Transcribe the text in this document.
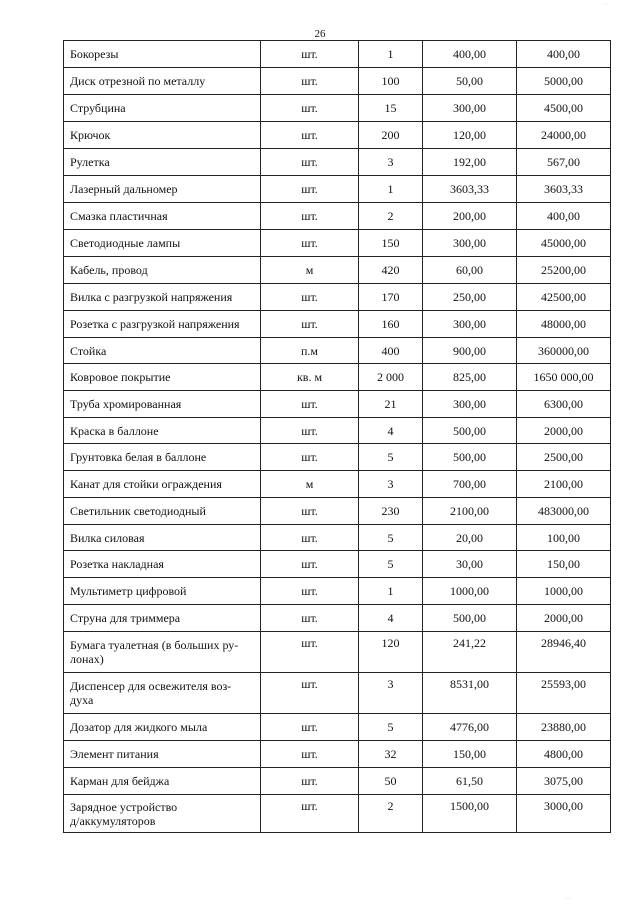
26
· ·
· ·
Бокорезы	шт.	1	400,00	400,00
Диск отрезной по металлу	шт.	100	50,00	5000,00
Струбцина	шт.	15	300,00	4500,00
Крючок	шт.	200	120,00	24000,00
Рулетка	шт.	3	192,00	567,00
Лазерный дальномер	шт.	1	3603,33	3603,33
Смазка пластичная	шт.	2	200,00	400,00
Светодиодные лампы	шт.	150	300,00	45000,00
Кабель, провод	м	420	60,00	25200,00
Вилка с разгрузкой напряжения	шт.	170	250,00	42500,00
Розетка с разгрузкой напряжения	шт.	160	300,00	48000,00
Стойка	п.м	400	900,00	360000,00
Ковровое покрытие	кв. м	2 000	825,00	1650 000,00
Труба хромированная	шт.	21	300,00	6300,00
Краска в баллоне	шт.	4	500,00	2000,00
Грунтовка белая в баллоне	шт.	5	500,00	2500,00
Канат для стойки ограждения	м	3	700,00	2100,00
Светильник светодиодный	шт.	230	2100,00	483000,00
Вилка силовая	шт.	5	20,00	100,00
Розетка накладная	шт.	5	30,00	150,00
Мультиметр цифровой	шт.	1	1000,00	1000,00
Струна для триммера	шт.	4	500,00	2000,00
Бумага туалетная (в больших ру-
лонах)	шт.	120	241,22	28946,40
Диспенсер для освежителя воз-
духа	шт.	3	8531,00	25593,00
Дозатор для жидкого мыла	шт.	5	4776,00	23880,00
Элемент питания	шт.	32	150,00	4800,00
Карман для бейджа	шт.	50	61,50	3075,00
Зарядное устройство
д/аккумуляторов	шт.	2	1500,00	3000,00
